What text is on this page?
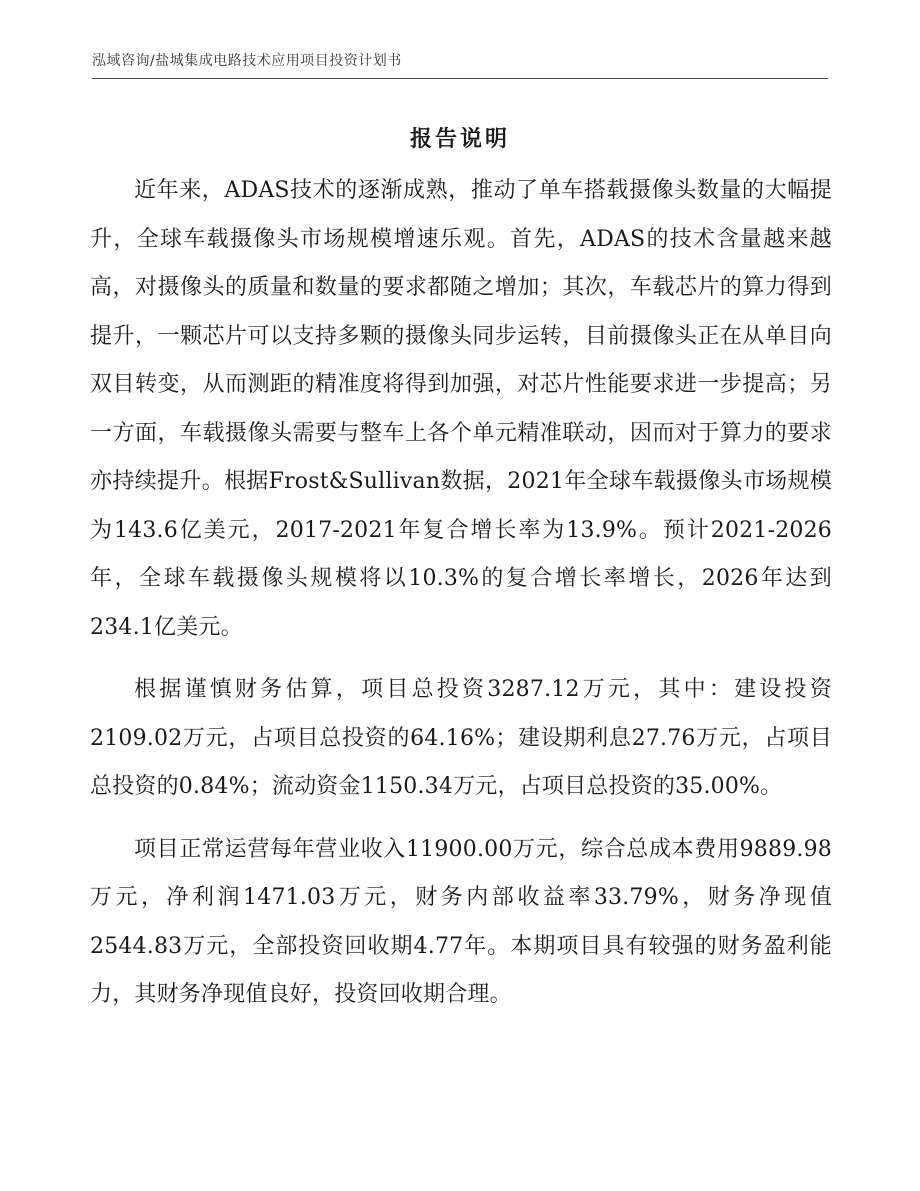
泓域咨询/盐城集成电路技术应用项目投资计划书
报告说明

近年来，ADAS技术的逐渐成熟，推动了单车搭载摄像头数量的大幅提升，全球车载摄像头市场规模增速乐观。首先，ADAS的技术含量越来越高，对摄像头的质量和数量的要求都随之增加；其次，车载芯片的算力得到提升，一颗芯片可以支持多颗的摄像头同步运转，目前摄像头正在从单目向双目转变，从而测距的精准度将得到加强，对芯片性能要求进一步提高；另一方面，车载摄像头需要与整车上各个单元精准联动，因而对于算力的要求亦持续提升。根据Frost&Sullivan数据，2021年全球车载摄像头市场规模为143.6亿美元，2017-2021年复合增长率为13.9%。预计2021-2026年，全球车载摄像头规模将以10.3%的复合增长率增长，2026年达到234.1亿美元。

根据谨慎财务估算，项目总投资3287.12万元，其中：建设投资2109.02万元，占项目总投资的64.16%；建设期利息27.76万元，占项目总投资的0.84%；流动资金1150.34万元，占项目总投资的35.00%。

项目正常运营每年营业收入11900.00万元，综合总成本费用9889.98万元，净利润1471.03万元，财务内部收益率33.79%，财务净现值2544.83万元，全部投资回收期4.77年。本期项目具有较强的财务盈利能力，其财务净现值良好，投资回收期合理。
